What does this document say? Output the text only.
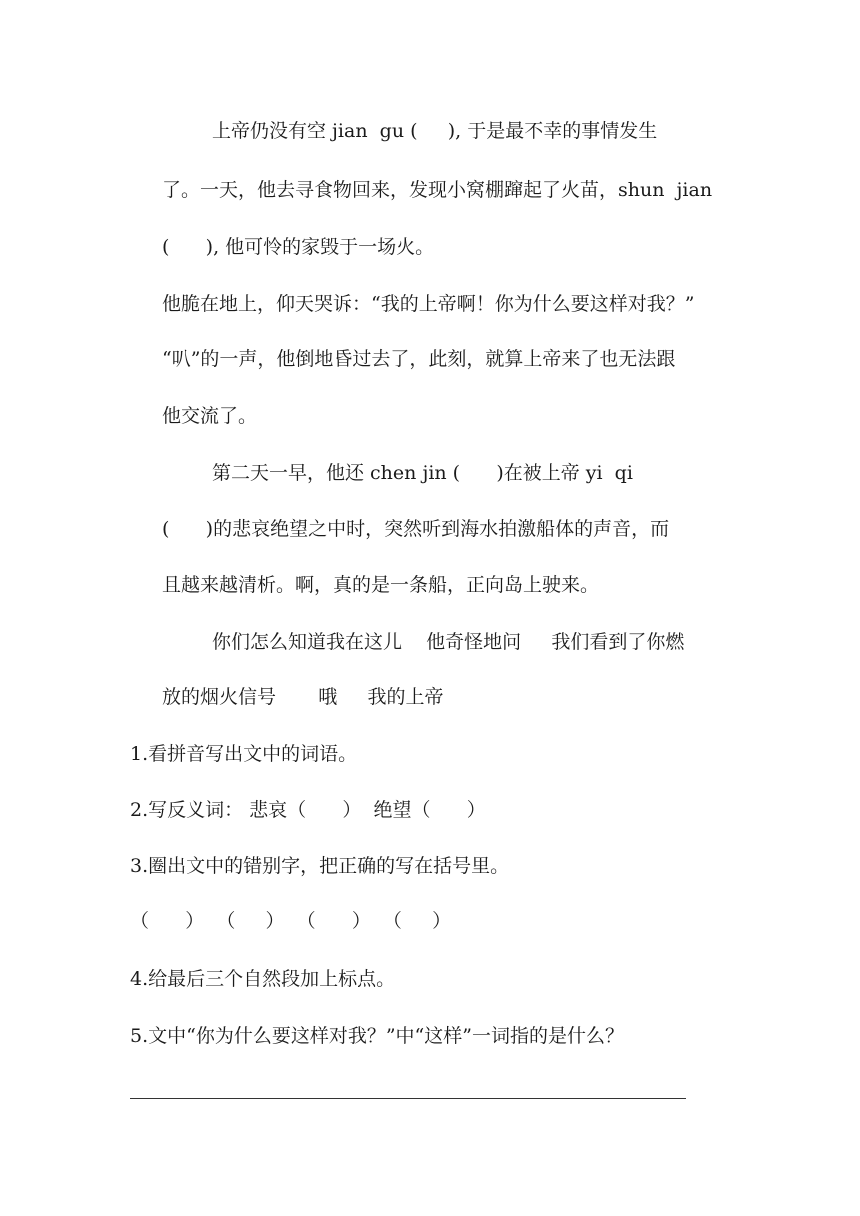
上帝仍没有空 jian  gu (     ), 于是最不幸的事情发生
了。一天，他去寻食物回来，发现小窝棚蹿起了火苗，shun  jian
(      ), 他可怜的家毁于一场火。
他脆在地上，仰天哭诉：“我的上帝啊！你为什么要这样对我？”
“叭”的一声，他倒地昏过去了，此刻，就算上帝来了也无法跟
他交流了。
第二天一早，他还 chen jin (      )在被上帝 yi  qi
(      )的悲哀绝望之中时，突然听到海水拍激船体的声音，而
且越来越清析。啊，真的是一条船，正向岛上驶来。
你们怎么知道我在这儿    他奇怪地问     我们看到了你燃
放的烟火信号       哦     我的上帝
1.看拼音写出文中的词语。
2.写反义词： 悲哀（      ）  绝望（      ）
3.圈出文中的错别字，把正确的写在括号里。
（      ）  （     ）  （      ）  （     ）
4.给最后三个自然段加上标点。
5.文中“你为什么要这样对我？”中“这样”一词指的是什么？
